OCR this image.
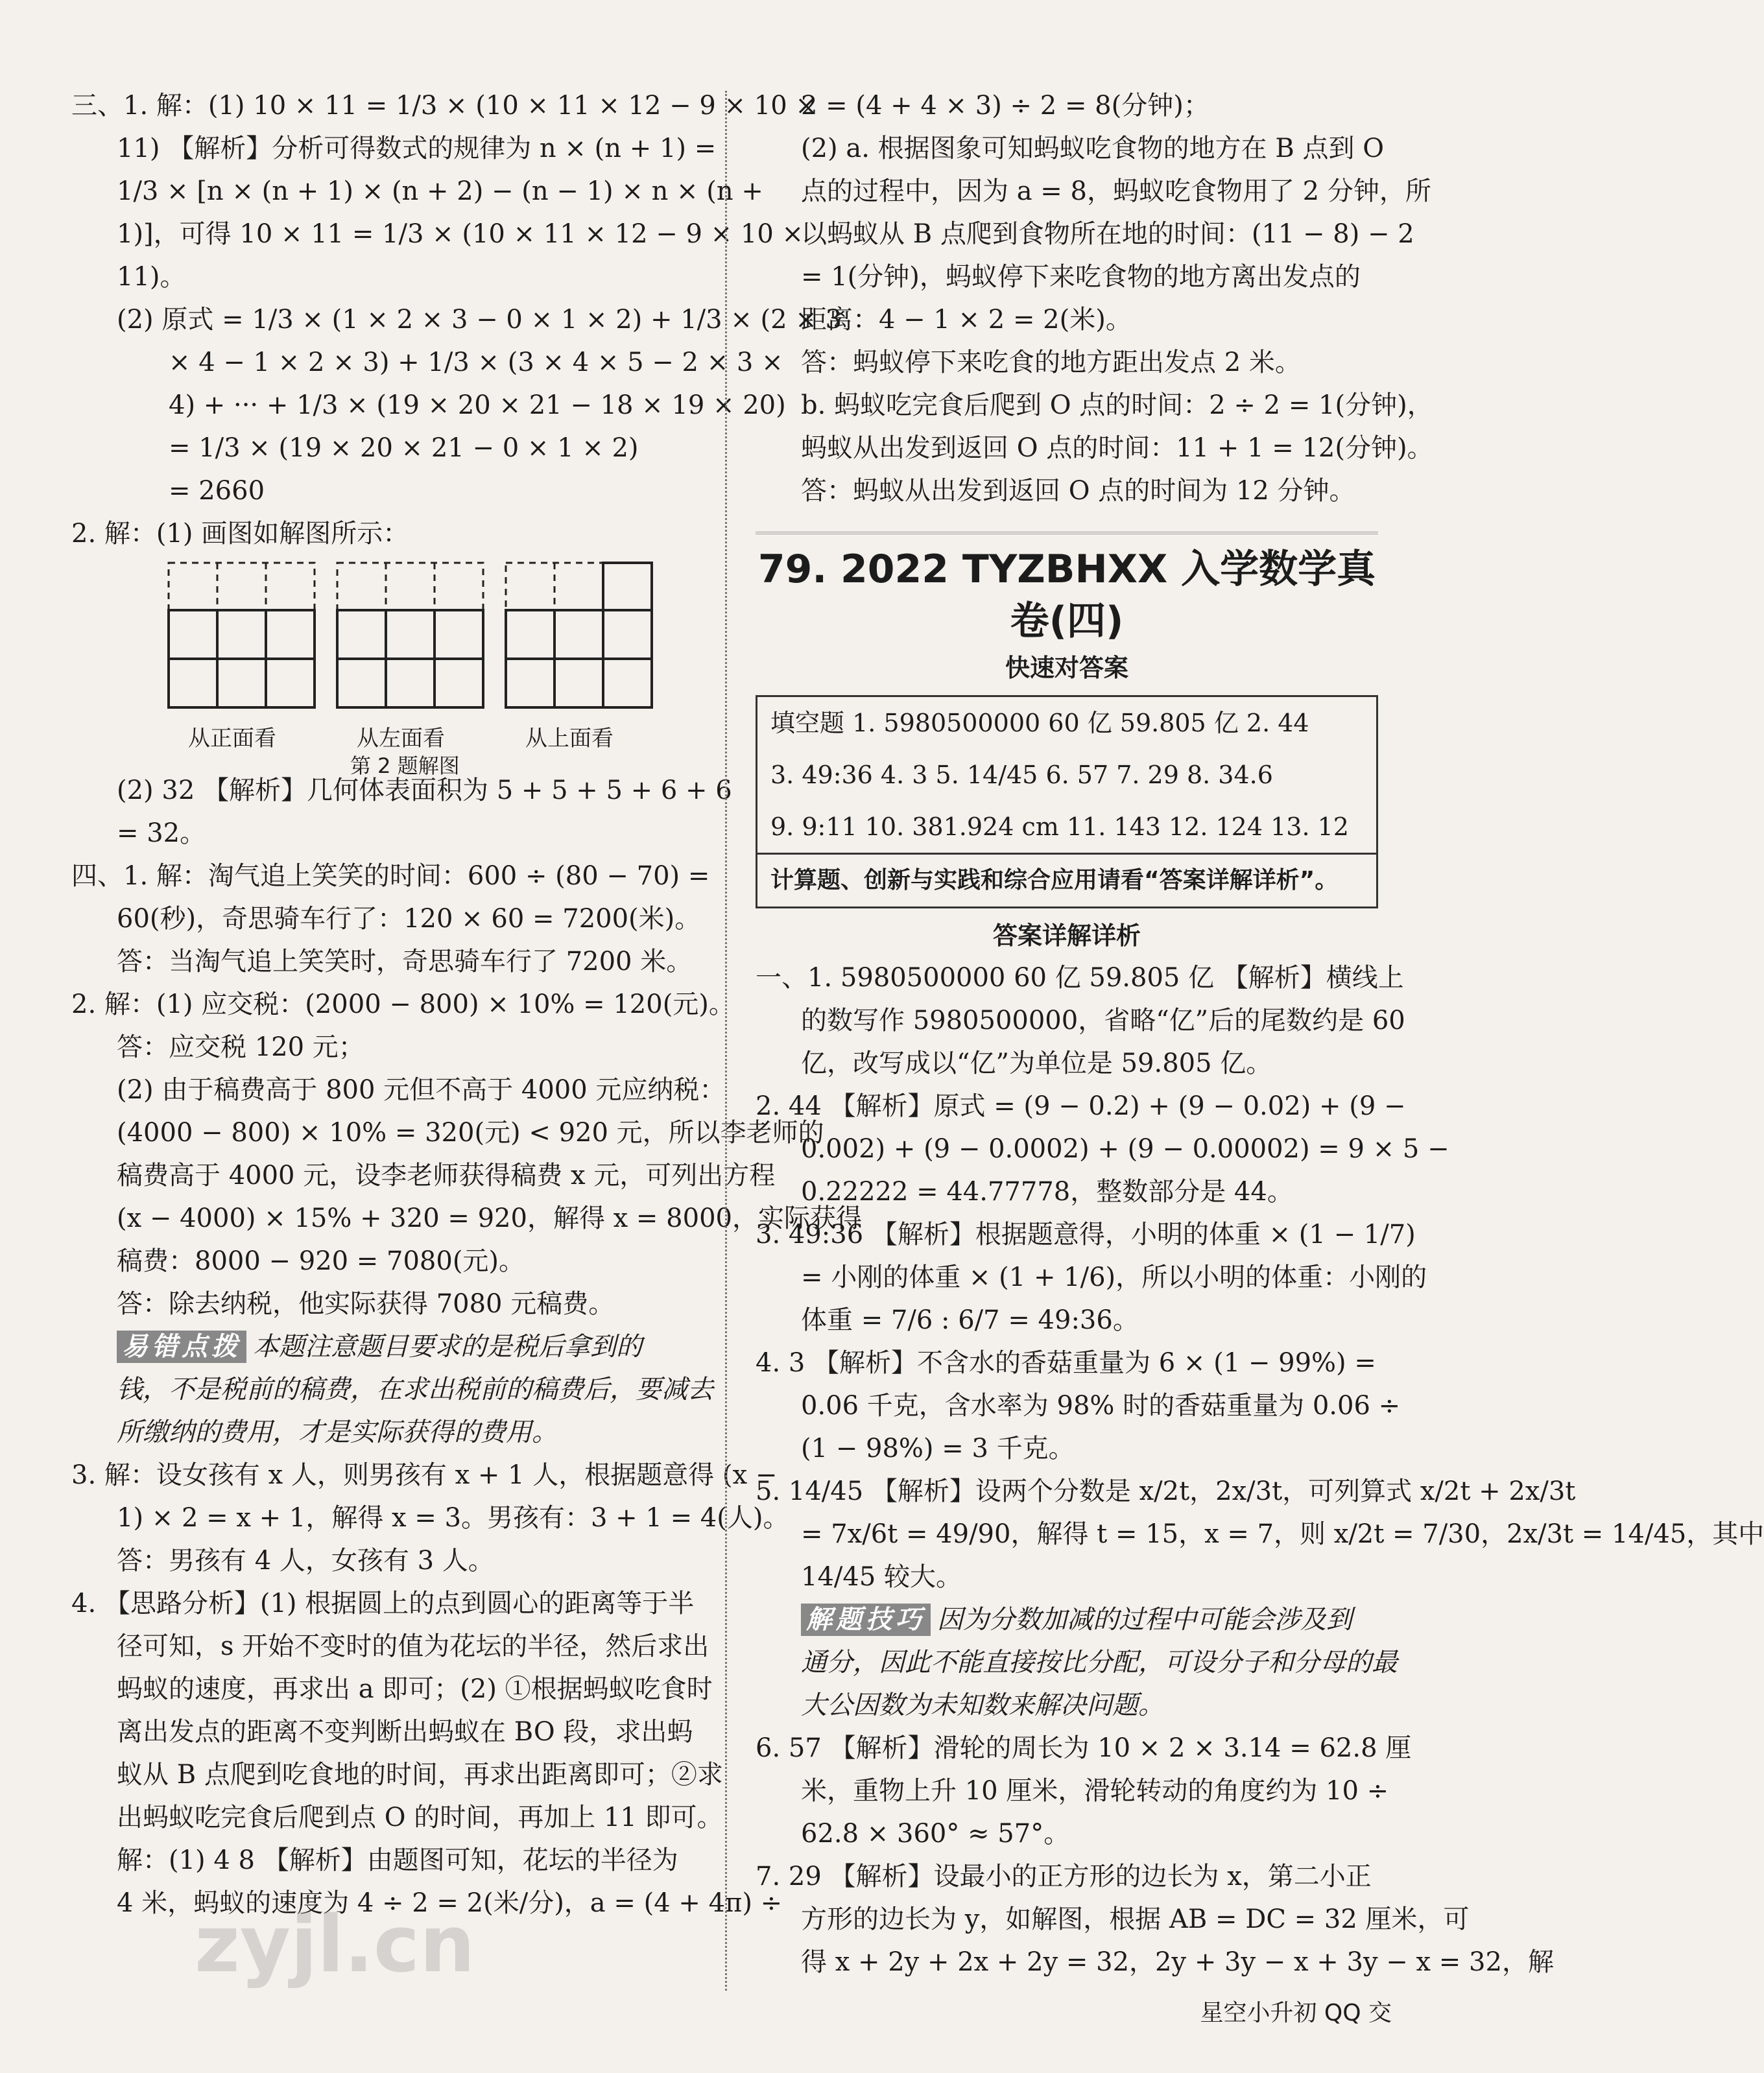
三、1. 解：(1) 10 × 11 = 1/3 × (10 × 11 × 12 − 9 × 10 ×
11) 【解析】分析可得数式的规律为 n × (n + 1) =
1/3 × [n × (n + 1) × (n + 2) − (n − 1) × n × (n +
1)]，可得 10 × 11 = 1/3 × (10 × 11 × 12 − 9 × 10 ×
11)。
(2) 原式 = 1/3 × (1 × 2 × 3 − 0 × 1 × 2) + 1/3 × (2 × 3
× 4 − 1 × 2 × 3) + 1/3 × (3 × 4 × 5 − 2 × 3 ×
4) + ··· + 1/3 × (19 × 20 × 21 − 18 × 19 × 20)
= 1/3 × (19 × 20 × 21 − 0 × 1 × 2)
= 2660
2. 解：(1) 画图如解图所示：
从正面看	从左面看	从上面看
第 2 题解图
(2) 32 【解析】几何体表面积为 5 + 5 + 5 + 6 + 6
= 32。
四、1. 解：淘气追上笑笑的时间：600 ÷ (80 − 70) =
60(秒)，奇思骑车行了：120 × 60 = 7200(米)。
答：当淘气追上笑笑时，奇思骑车行了 7200 米。
2. 解：(1) 应交税：(2000 − 800) × 10% = 120(元)。
答：应交税 120 元；
(2) 由于稿费高于 800 元但不高于 4000 元应纳税：
(4000 − 800) × 10% = 320(元) < 920 元，所以李老师的
稿费高于 4000 元，设李老师获得稿费 x 元，可列出方程
(x − 4000) × 15% + 320 = 920，解得 x = 8000，实际获得
稿费：8000 − 920 = 7080(元)。
答：除去纳税，他实际获得 7080 元稿费。
易错点拨 本题注意题目要求的是税后拿到的
钱，不是税前的稿费，在求出税前的稿费后，要减去
所缴纳的费用，才是实际获得的费用。
3. 解：设女孩有 x 人，则男孩有 x + 1 人，根据题意得 (x −
1) × 2 = x + 1，解得 x = 3。男孩有：3 + 1 = 4(人)。
答：男孩有 4 人，女孩有 3 人。
4. 【思路分析】(1) 根据圆上的点到圆心的距离等于半
径可知，s 开始不变时的值为花坛的半径，然后求出
蚂蚁的速度，再求出 a 即可；(2) ①根据蚂蚁吃食时
离出发点的距离不变判断出蚂蚁在 BO 段，求出蚂
蚁从 B 点爬到吃食地的时间，再求出距离即可；②求
出蚂蚁吃完食后爬到点 O 的时间，再加上 11 即可。
解：(1) 4 8 【解析】由题图可知，花坛的半径为
4 米，蚂蚁的速度为 4 ÷ 2 = 2(米/分)，a = (4 + 4π) ÷
2 = (4 + 4 × 3) ÷ 2 = 8(分钟)；
(2) a. 根据图象可知蚂蚁吃食物的地方在 B 点到 O
点的过程中，因为 a = 8，蚂蚁吃食物用了 2 分钟，所
以蚂蚁从 B 点爬到食物所在地的时间：(11 − 8) − 2
= 1(分钟)，蚂蚁停下来吃食物的地方离出发点的
距离：4 − 1 × 2 = 2(米)。
答：蚂蚁停下来吃食的地方距出发点 2 米。
b. 蚂蚁吃完食后爬到 O 点的时间：2 ÷ 2 = 1(分钟)，
蚂蚁从出发到返回 O 点的时间：11 + 1 = 12(分钟)。
答：蚂蚁从出发到返回 O 点的时间为 12 分钟。
79. 2022 TYZBHXX 入学数学真卷(四)
快速对答案
填空题 1. 5980500000 60 亿 59.805 亿 2. 44
3. 49:36 4. 3 5. 14/45 6. 57 7. 29 8. 34.6
9. 9:11 10. 381.924 cm 11. 143 12. 124 13. 12
计算题、创新与实践和综合应用请看“答案详解详析”。
答案详解详析
一、1. 5980500000 60 亿 59.805 亿 【解析】横线上
的数写作 5980500000，省略“亿”后的尾数约是 60
亿，改写成以“亿”为单位是 59.805 亿。
2. 44 【解析】原式 = (9 − 0.2) + (9 − 0.02) + (9 −
0.002) + (9 − 0.0002) + (9 − 0.00002) = 9 × 5 −
0.22222 = 44.77778，整数部分是 44。
3. 49:36 【解析】根据题意得，小明的体重 × (1 − 1/7)
= 小刚的体重 × (1 + 1/6)，所以小明的体重：小刚的
体重 = 7/6 : 6/7 = 49:36。
4. 3 【解析】不含水的香菇重量为 6 × (1 − 99%) =
0.06 千克，含水率为 98% 时的香菇重量为 0.06 ÷
(1 − 98%) = 3 千克。
5. 14/45 【解析】设两个分数是 x/2t，2x/3t，可列算式 x/2t + 2x/3t
= 7x/6t = 49/90，解得 t = 15，x = 7，则 x/2t = 7/30，2x/3t = 14/45，其中
14/45 较大。
解题技巧 因为分数加减的过程中可能会涉及到
通分，因此不能直接按比分配，可设分子和分母的最
大公因数为未知数来解决问题。
6. 57 【解析】滑轮的周长为 10 × 2 × 3.14 = 62.8 厘
米，重物上升 10 厘米，滑轮转动的角度约为 10 ÷
62.8 × 360° ≈ 57°。
7. 29 【解析】设最小的正方形的边长为 x，第二小正
方形的边长为 y，如解图，根据 AB = DC = 32 厘米，可
得 x + 2y + 2x + 2y = 32，2y + 3y − x + 3y − x = 32，解
zyjl.cn
星空小升初 QQ 交
